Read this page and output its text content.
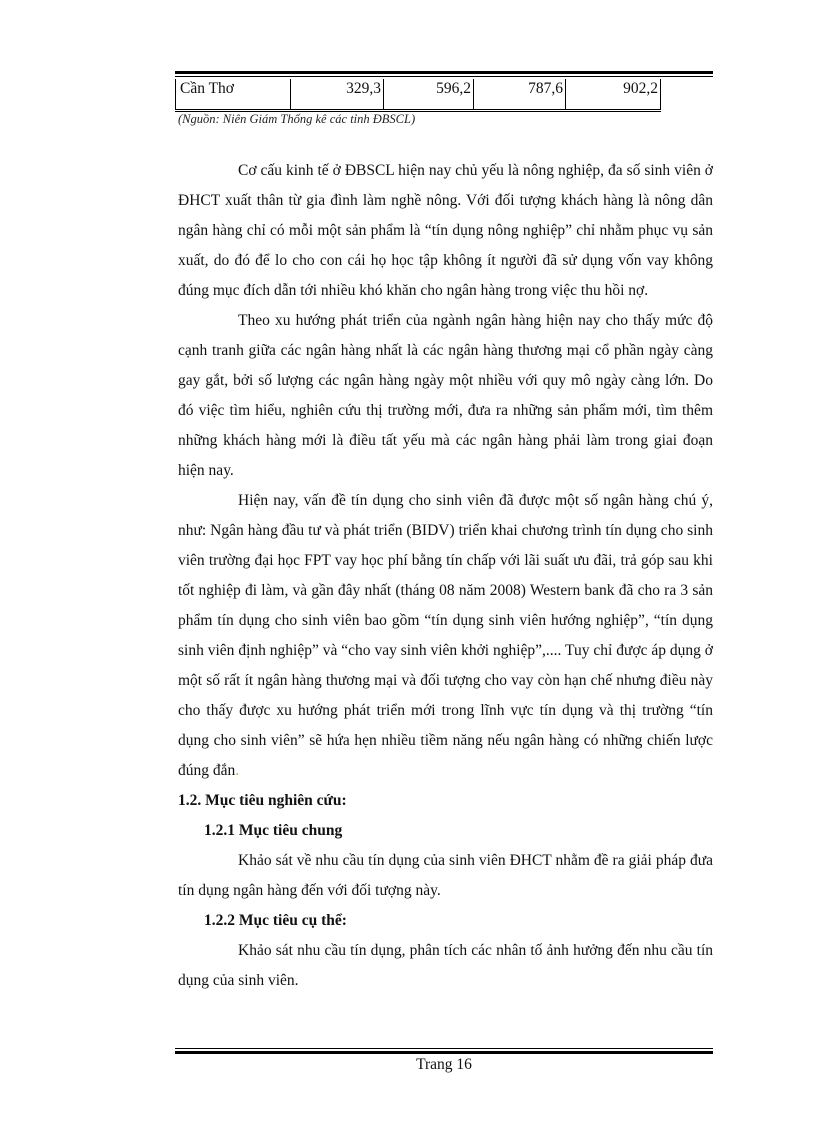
Cần Thơ	329,3	596,2	787,6	902,2
(Nguồn: Niên Giám Thống kê các tỉnh ĐBSCL)

Cơ cấu kinh tế ở ĐBSCL hiện nay chủ yếu là nông nghiệp, đa số sinh viên ở ĐHCT xuất thân từ gia đình làm nghề nông. Với đối tượng khách hàng là nông dân ngân hàng chỉ có mỗi một sản phẩm là “tín dụng nông nghiệp” chỉ nhằm phục vụ sản xuất, do đó để lo cho con cái họ học tập không ít người đã sử dụng vốn vay không đúng mục đích dẫn tới nhiều khó khăn cho ngân hàng trong việc thu hồi nợ.

Theo xu hướng phát triển của ngành ngân hàng hiện nay cho thấy mức độ cạnh tranh giữa các ngân hàng nhất là các ngân hàng thương mại cổ phần ngày càng gay gắt, bởi số lượng các ngân hàng ngày một nhiều với quy mô ngày càng lớn. Do đó việc tìm hiểu, nghiên cứu thị trường mới, đưa ra những sản phẩm mới, tìm thêm những khách hàng mới là điều tất yếu mà các ngân hàng phải làm trong giai đoạn hiện nay.

Hiện nay, vấn đề tín dụng cho sinh viên đã được một số ngân hàng chú ý, như: Ngân hàng đầu tư và phát triển (BIDV) triển khai chương trình tín dụng cho sinh viên trường đại học FPT vay học phí bằng tín chấp với lãi suất ưu đãi, trả góp sau khi tốt nghiệp đi làm, và gần đây nhất (tháng 08 năm 2008) Western bank đã cho ra 3 sản phẩm tín dụng cho sinh viên bao gồm “tín dụng sinh viên hướng nghiệp”, “tín dụng sinh viên định nghiệp” và “cho vay sinh viên khởi nghiệp”,.... Tuy chỉ được áp dụng ở một số rất ít ngân hàng thương mại và đối tượng cho vay còn hạn chế nhưng điều này cho thấy được xu hướng phát triển mới trong lĩnh vực tín dụng và thị trường “tín dụng cho sinh viên” sẽ hứa hẹn nhiều tiềm năng nếu ngân hàng có những chiến lược đúng đắn.

1.2. Mục tiêu nghiên cứu:
1.2.1 Mục tiêu chung

Khảo sát về nhu cầu tín dụng của sinh viên ĐHCT nhằm đề ra giải pháp đưa tín dụng ngân hàng đến với đối tượng này.

1.2.2 Mục tiêu cụ thể:

Khảo sát nhu cầu tín dụng, phân tích các nhân tố ảnh hưởng đến nhu cầu tín dụng của sinh viên.

Trang 16
